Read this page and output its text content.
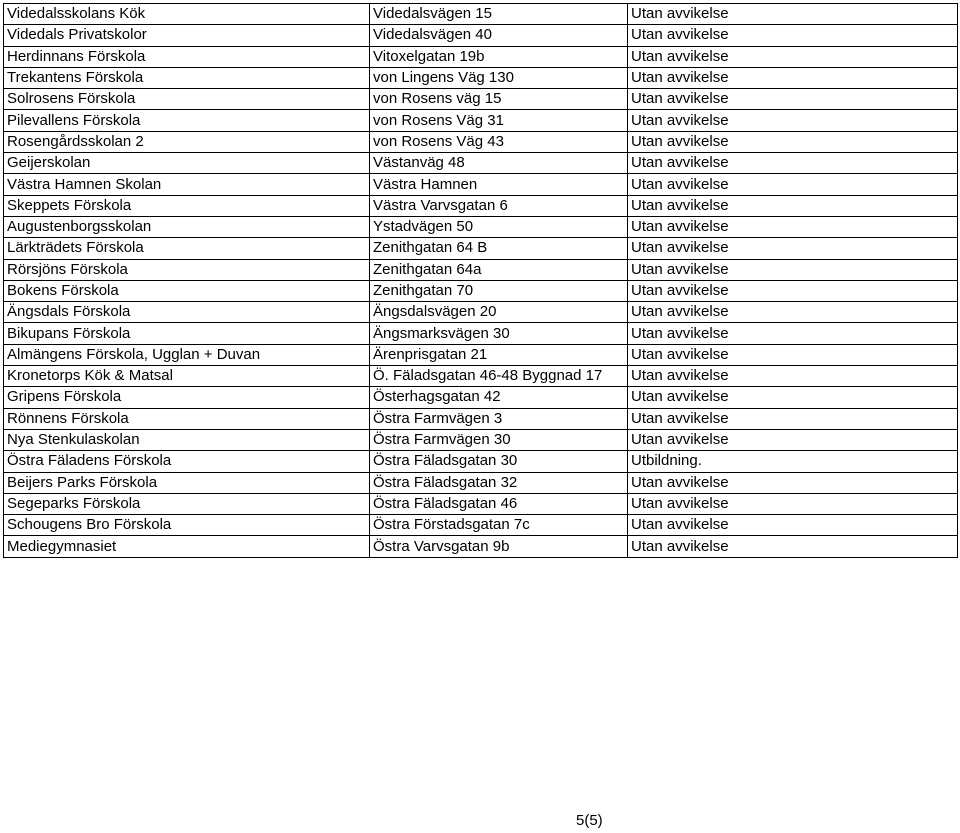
Videdalsskolans Kök	Videdalsvägen 15	Utan avvikelse
Videdals Privatskolor	Videdalsvägen 40	Utan avvikelse
Herdinnans Förskola	Vitoxelgatan 19b	Utan avvikelse
Trekantens Förskola	von Lingens Väg 130	Utan avvikelse
Solrosens Förskola	von Rosens väg 15	Utan avvikelse
Pilevallens Förskola	von Rosens Väg 31	Utan avvikelse
Rosengårdsskolan 2	von Rosens Väg 43	Utan avvikelse
Geijerskolan	Västanväg 48	Utan avvikelse
Västra Hamnen Skolan	Västra Hamnen	Utan avvikelse
Skeppets Förskola	Västra Varvsgatan 6	Utan avvikelse
Augustenborgsskolan	Ystadvägen 50	Utan avvikelse
Lärkträdets Förskola	Zenithgatan 64 B	Utan avvikelse
Rörsjöns Förskola	Zenithgatan 64a	Utan avvikelse
Bokens Förskola	Zenithgatan 70	Utan avvikelse
Ängsdals Förskola	Ängsdalsvägen 20	Utan avvikelse
Bikupans Förskola	Ängsmarksvägen 30	Utan avvikelse
Almängens Förskola, Ugglan + Duvan	Ärenprisgatan 21	Utan avvikelse
Kronetorps Kök & Matsal	Ö. Fäladsgatan 46-48 Byggnad 17	Utan avvikelse
Gripens Förskola	Österhagsgatan 42	Utan avvikelse
Rönnens Förskola	Östra Farmvägen 3	Utan avvikelse
Nya Stenkulaskolan	Östra Farmvägen 30	Utan avvikelse
Östra Fäladens Förskola	Östra Fäladsgatan 30	Utbildning.
Beijers Parks Förskola	Östra Fäladsgatan 32	Utan avvikelse
Segeparks Förskola	Östra Fäladsgatan 46	Utan avvikelse
Schougens Bro Förskola	Östra Förstadsgatan 7c	Utan avvikelse
Mediegymnasiet	Östra Varvsgatan 9b	Utan avvikelse
5(5)
